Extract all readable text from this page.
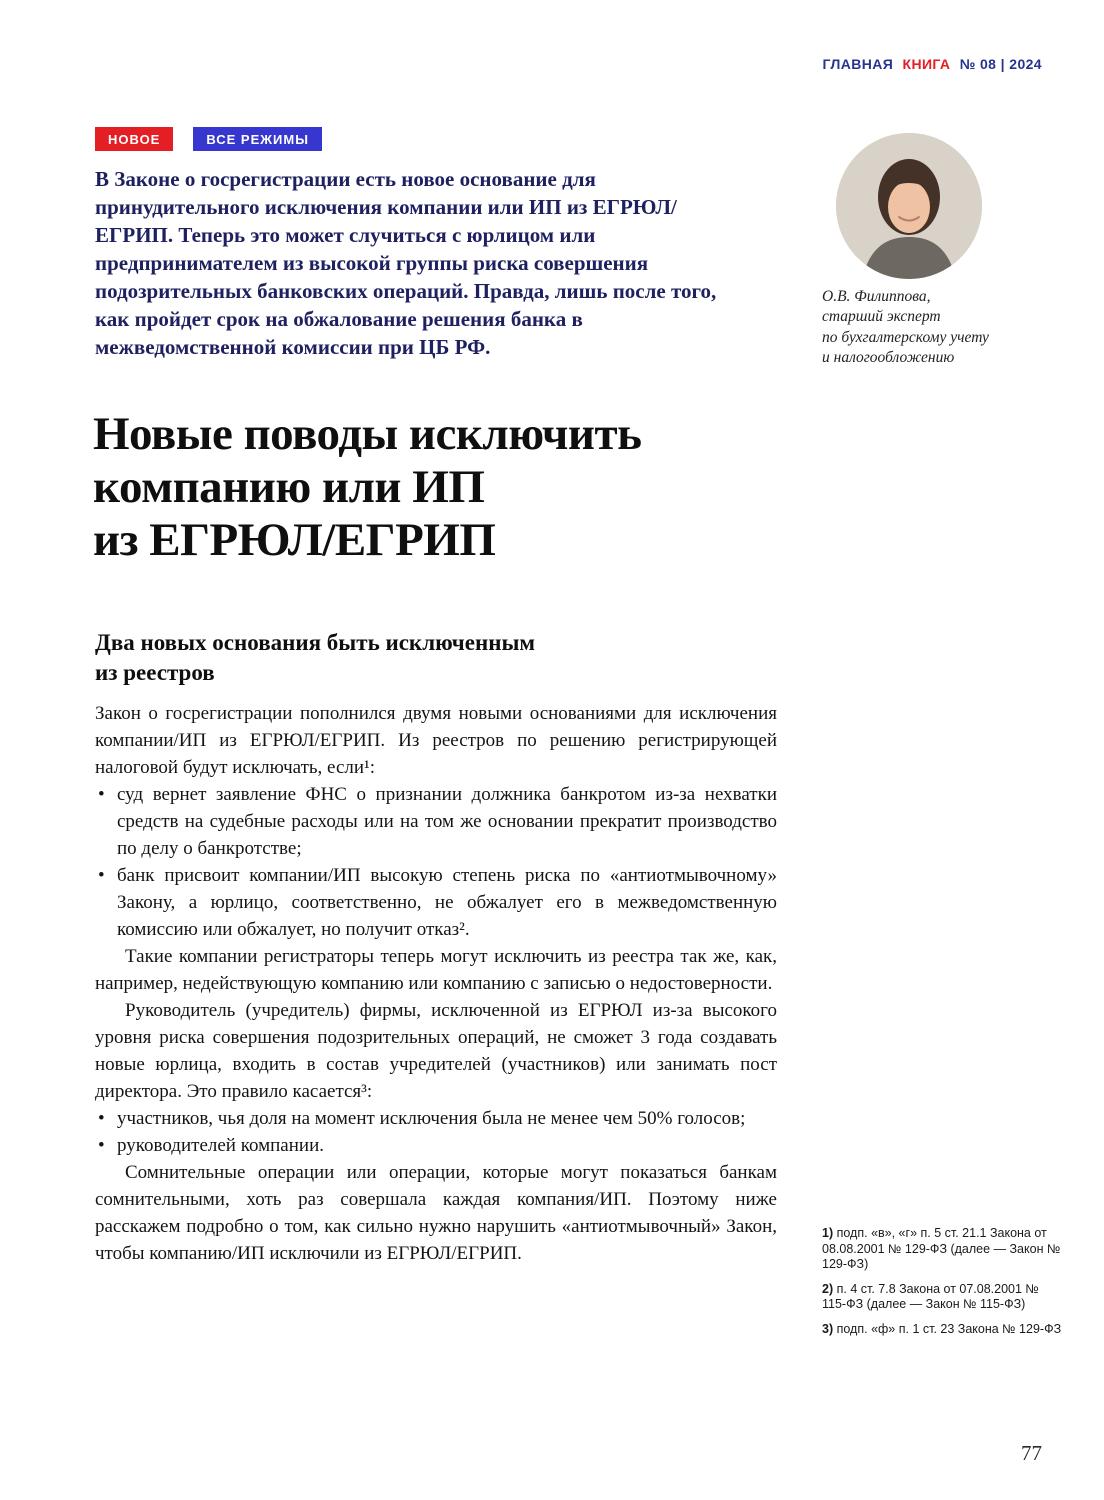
ГЛАВНАЯ КНИГА № 08 | 2024
НОВОЕ	ВСЕ РЕЖИМЫ
В Законе о госрегистрации есть новое основание для принудительного исключения компании или ИП из ЕГРЮЛ/ЕГРИП. Теперь это может случиться с юрлицом или предпринимателем из высокой группы риска совершения подозрительных банковских операций. Правда, лишь после того, как пройдет срок на обжалование решения банка в межведомственной комиссии при ЦБ РФ.
О.В. Филиппова,
старший эксперт
по бухгалтерскому учету
и налогообложению
Новые поводы исключить
компанию или ИП
из ЕГРЮЛ/ЕГРИП
Два новых основания быть исключенным
из реестров

Закон о госрегистрации пополнился двумя новыми основаниями для исключения компании/ИП из ЕГРЮЛ/ЕГРИП. Из реестров по решению регистрирующей налоговой будут исключать, если¹:

• суд вернет заявление ФНС о признании должника банкротом из-за нехватки средств на судебные расходы или на том же основании прекратит производство по делу о банкротстве;

• банк присвоит компании/ИП высокую степень риска по «антиотмывочному» Закону, а юрлицо, соответственно, не обжалует его в межведомственную комиссию или обжалует, но получит отказ².

Такие компании регистраторы теперь могут исключить из реестра так же, как, например, недействующую компанию или компанию с записью о недостоверности.

Руководитель (учредитель) фирмы, исключенной из ЕГРЮЛ из-за высокого уровня риска совершения подозрительных операций, не сможет 3 года создавать новые юрлица, входить в состав учредителей (участников) или занимать пост директора. Это правило касается³:

• участников, чья доля на момент исключения была не менее чем 50% голосов;

• руководителей компании.

Сомнительные операции или операции, которые могут показаться банкам сомнительными, хоть раз совершала каждая компания/ИП. Поэтому ниже расскажем подробно о том, как сильно нужно нарушить «антиотмывочный» Закон, чтобы компанию/ИП исключили из ЕГРЮЛ/ЕГРИП.

1) подп. «в», «г» п. 5 ст. 21.1 Закона от 08.08.2001 № 129-ФЗ (далее — Закон № 129-ФЗ)

2) п. 4 ст. 7.8 Закона от 07.08.2001 № 115-ФЗ (далее — Закон № 115-ФЗ)

3) подп. «ф» п. 1 ст. 23 Закона № 129-ФЗ

77
